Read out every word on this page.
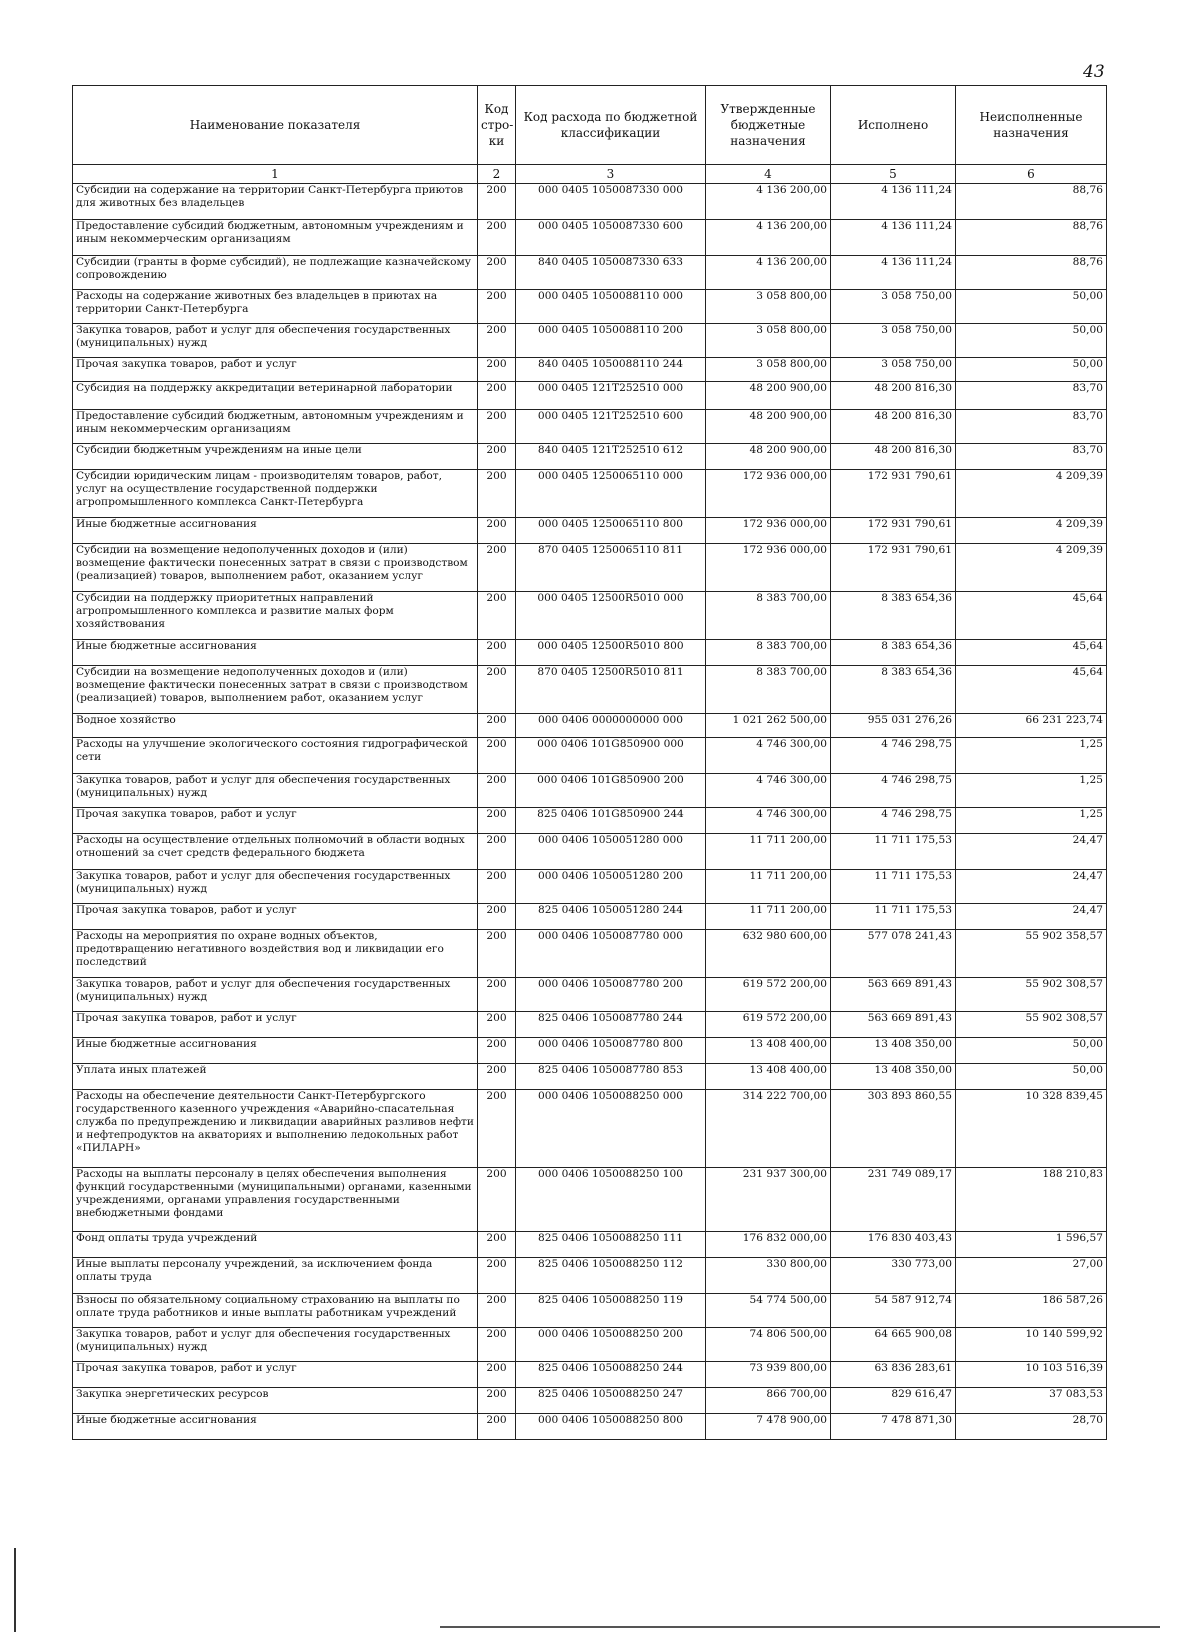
43
Наименование показателя	Код стро-ки	Код расхода по бюджетной классификации	Утвержденные бюджетные назначения	Исполнено	Неисполненные назначения
1	2	3	4	5	6
Субсидии на содержание на территории Санкт-Петербурга приютов для животных без владельцев	200	000 0405 1050087330 000	4 136 200,00	4 136 111,24	88,76
Предоставление субсидий бюджетным, автономным учреждениям и иным некоммерческим организациям	200	000 0405 1050087330 600	4 136 200,00	4 136 111,24	88,76
Субсидии (гранты в форме субсидий), не подлежащие казначейскому сопровождению	200	840 0405 1050087330 633	4 136 200,00	4 136 111,24	88,76
Расходы на содержание животных без владельцев в приютах на территории Санкт-Петербурга	200	000 0405 1050088110 000	3 058 800,00	3 058 750,00	50,00
Закупка товаров, работ и услуг для обеспечения государственных (муниципальных) нужд	200	000 0405 1050088110 200	3 058 800,00	3 058 750,00	50,00
Прочая закупка товаров, работ и услуг	200	840 0405 1050088110 244	3 058 800,00	3 058 750,00	50,00
Субсидия на поддержку аккредитации ветеринарной лаборатории	200	000 0405 121Т252510 000	48 200 900,00	48 200 816,30	83,70
Предоставление субсидий бюджетным, автономным учреждениям и иным некоммерческим организациям	200	000 0405 121Т252510 600	48 200 900,00	48 200 816,30	83,70
Субсидии бюджетным учреждениям на иные цели	200	840 0405 121Т252510 612	48 200 900,00	48 200 816,30	83,70
Субсидии юридическим лицам - производителям товаров, работ, услуг на осуществление государственной поддержки агропромышленного комплекса Санкт-Петербурга	200	000 0405 1250065110 000	172 936 000,00	172 931 790,61	4 209,39
Иные бюджетные ассигнования	200	000 0405 1250065110 800	172 936 000,00	172 931 790,61	4 209,39
Субсидии на возмещение недополученных доходов и (или) возмещение фактически понесенных затрат в связи с производством (реализацией) товаров, выполнением работ, оказанием услуг	200	870 0405 1250065110 811	172 936 000,00	172 931 790,61	4 209,39
Субсидии на поддержку приоритетных направлений агропромышленного комплекса и развитие малых форм хозяйствования	200	000 0405 12500R5010 000	8 383 700,00	8 383 654,36	45,64
Иные бюджетные ассигнования	200	000 0405 12500R5010 800	8 383 700,00	8 383 654,36	45,64
Субсидии на возмещение недополученных доходов и (или) возмещение фактически понесенных затрат в связи с производством (реализацией) товаров, выполнением работ, оказанием услуг	200	870 0405 12500R5010 811	8 383 700,00	8 383 654,36	45,64
Водное хозяйство	200	000 0406 0000000000 000	1 021 262 500,00	955 031 276,26	66 231 223,74
Расходы на улучшение экологического состояния гидрографической сети	200	000 0406 101G850900 000	4 746 300,00	4 746 298,75	1,25
Закупка товаров, работ и услуг для обеспечения государственных (муниципальных) нужд	200	000 0406 101G850900 200	4 746 300,00	4 746 298,75	1,25
Прочая закупка товаров, работ и услуг	200	825 0406 101G850900 244	4 746 300,00	4 746 298,75	1,25
Расходы на осуществление отдельных полномочий в области водных отношений за счет средств федерального бюджета	200	000 0406 1050051280 000	11 711 200,00	11 711 175,53	24,47
Закупка товаров, работ и услуг для обеспечения государственных (муниципальных) нужд	200	000 0406 1050051280 200	11 711 200,00	11 711 175,53	24,47
Прочая закупка товаров, работ и услуг	200	825 0406 1050051280 244	11 711 200,00	11 711 175,53	24,47
Расходы на мероприятия по охране водных объектов, предотвращению негативного воздействия вод и ликвидации его последствий	200	000 0406 1050087780 000	632 980 600,00	577 078 241,43	55 902 358,57
Закупка товаров, работ и услуг для обеспечения государственных (муниципальных) нужд	200	000 0406 1050087780 200	619 572 200,00	563 669 891,43	55 902 308,57
Прочая закупка товаров, работ и услуг	200	825 0406 1050087780 244	619 572 200,00	563 669 891,43	55 902 308,57
Иные бюджетные ассигнования	200	000 0406 1050087780 800	13 408 400,00	13 408 350,00	50,00
Уплата иных платежей	200	825 0406 1050087780 853	13 408 400,00	13 408 350,00	50,00
Расходы на обеспечение деятельности Санкт-Петербургского государственного казенного учреждения «Аварийно-спасательная служба по предупреждению и ликвидации аварийных разливов нефти и нефтепродуктов на акваториях и выполнению ледокольных работ «ПИЛАРН»	200	000 0406 1050088250 000	314 222 700,00	303 893 860,55	10 328 839,45
Расходы на выплаты персоналу в целях обеспечения выполнения функций государственными (муниципальными) органами, казенными учреждениями, органами управления государственными внебюджетными фондами	200	000 0406 1050088250 100	231 937 300,00	231 749 089,17	188 210,83
Фонд оплаты труда учреждений	200	825 0406 1050088250 111	176 832 000,00	176 830 403,43	1 596,57
Иные выплаты персоналу учреждений, за исключением фонда оплаты труда	200	825 0406 1050088250 112	330 800,00	330 773,00	27,00
Взносы по обязательному социальному страхованию на выплаты по оплате труда работников и иные выплаты работникам учреждений	200	825 0406 1050088250 119	54 774 500,00	54 587 912,74	186 587,26
Закупка товаров, работ и услуг для обеспечения государственных (муниципальных) нужд	200	000 0406 1050088250 200	74 806 500,00	64 665 900,08	10 140 599,92
Прочая закупка товаров, работ и услуг	200	825 0406 1050088250 244	73 939 800,00	63 836 283,61	10 103 516,39
Закупка энергетических ресурсов	200	825 0406 1050088250 247	866 700,00	829 616,47	37 083,53
Иные бюджетные ассигнования	200	000 0406 1050088250 800	7 478 900,00	7 478 871,30	28,70
